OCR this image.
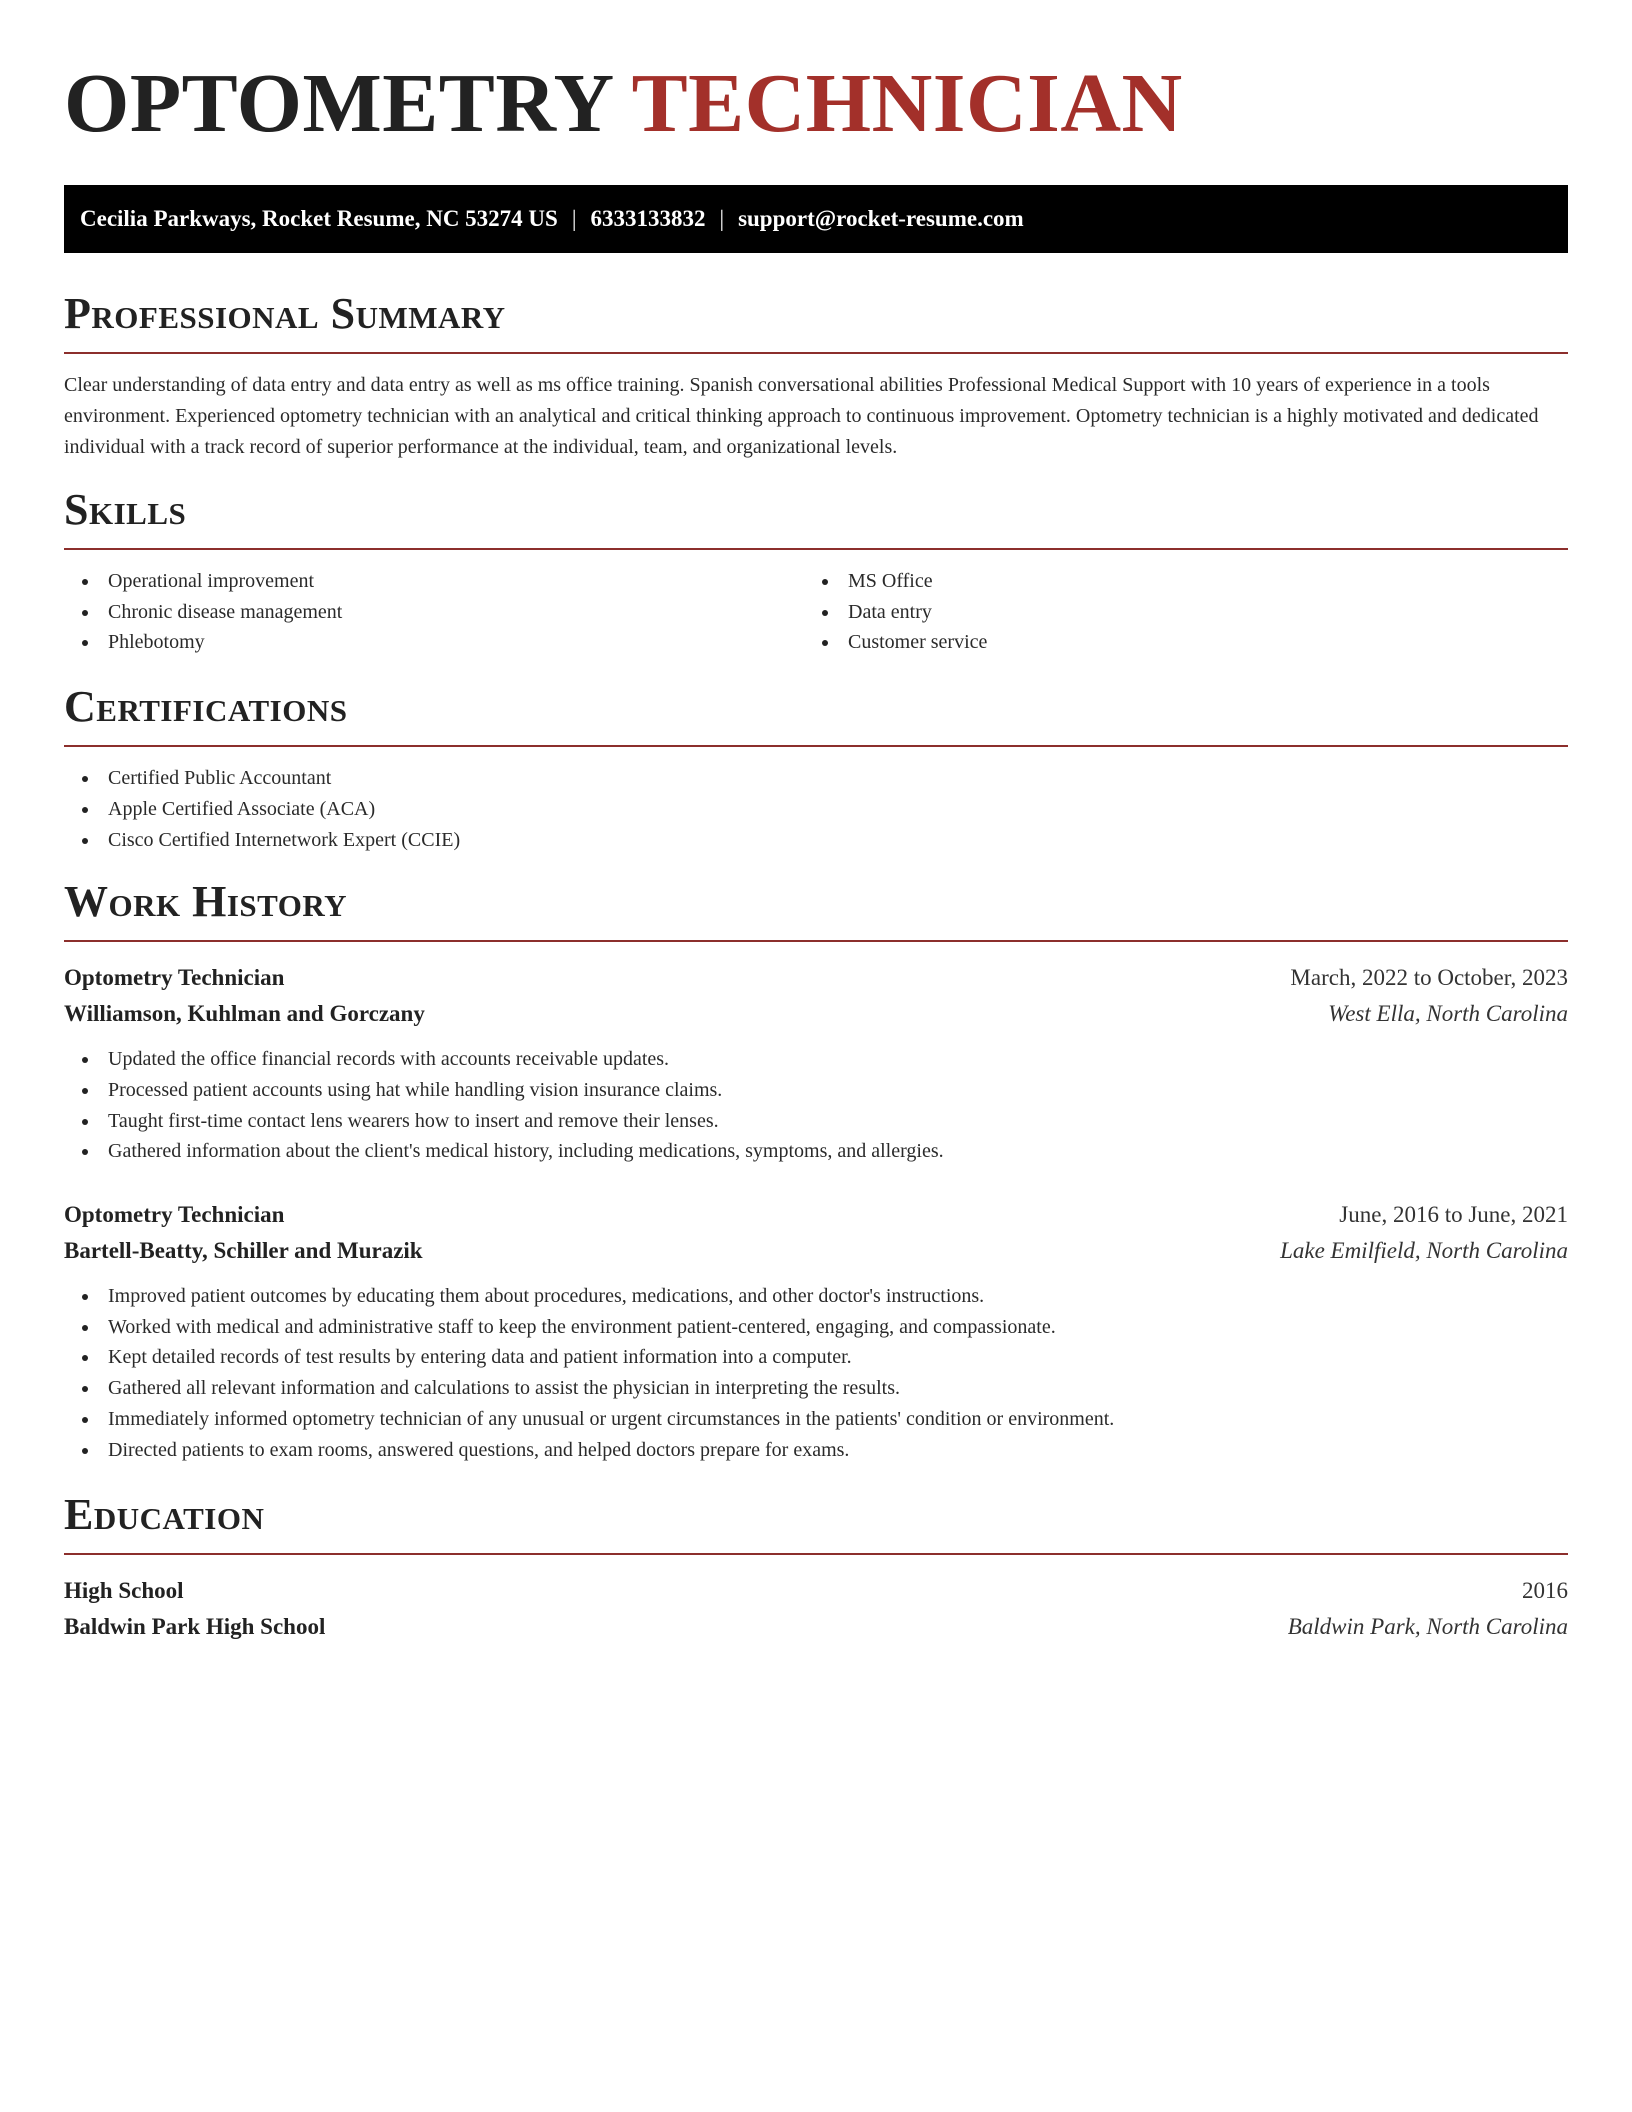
OPTOMETRY TECHNICIAN
Cecilia Parkways, Rocket Resume, NC 53274 US | 6333133832 | support@rocket-resume.com
Professional Summary

Clear understanding of data entry and data entry as well as ms office training. Spanish conversational abilities Professional Medical Support with 10 years of experience in a tools environment. Experienced optometry technician with an analytical and critical thinking approach to continuous improvement. Optometry technician is a highly motivated and dedicated individual with a track record of superior performance at the individual, team, and organizational levels.

Skills
Operational improvement
Chronic disease management
Phlebotomy
MS Office
Data entry
Customer service
Certifications
Certified Public Accountant
Apple Certified Associate (ACA)
Cisco Certified Internetwork Expert (CCIE)
Work History
Optometry Technician	March, 2022 to October, 2023
Williamson, Kuhlman and Gorczany	West Ella, North Carolina
Updated the office financial records with accounts receivable updates.
Processed patient accounts using hat while handling vision insurance claims.
Taught first-time contact lens wearers how to insert and remove their lenses.
Gathered information about the client's medical history, including medications, symptoms, and allergies.
Optometry Technician	June, 2016 to June, 2021
Bartell-Beatty, Schiller and Murazik	Lake Emilfield, North Carolina
Improved patient outcomes by educating them about procedures, medications, and other doctor's instructions.
Worked with medical and administrative staff to keep the environment patient-centered, engaging, and compassionate.
Kept detailed records of test results by entering data and patient information into a computer.
Gathered all relevant information and calculations to assist the physician in interpreting the results.
Immediately informed optometry technician of any unusual or urgent circumstances in the patients' condition or environment.
Directed patients to exam rooms, answered questions, and helped doctors prepare for exams.
Education
High School	2016
Baldwin Park High School	Baldwin Park, North Carolina
